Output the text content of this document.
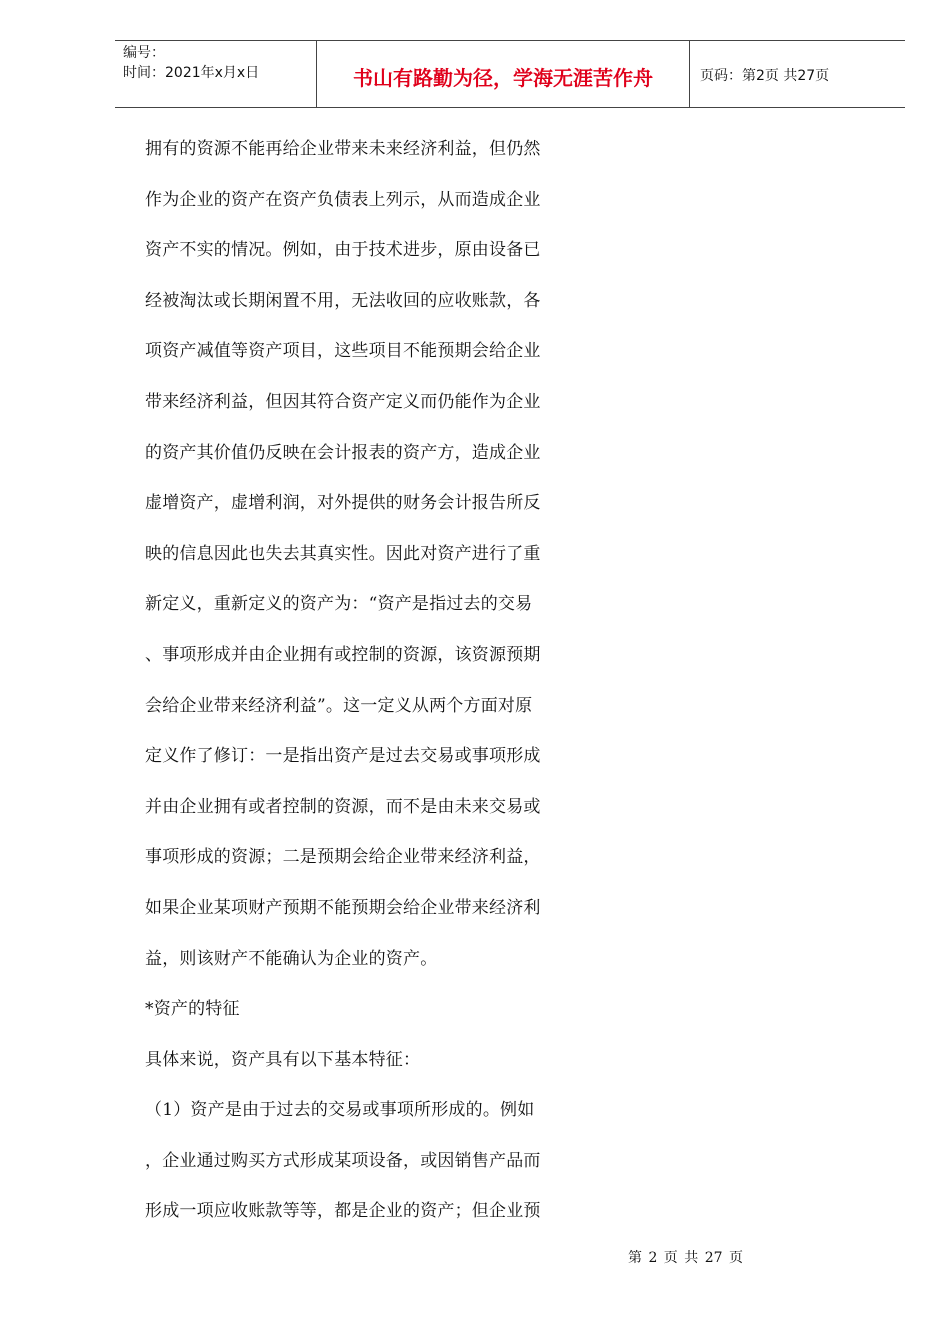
编号：
时间：2021年x月x日	书山有路勤为径，学海无涯苦作舟	页码：第2页 共27页
拥有的资源不能再给企业带来未来经济利益，但仍然
作为企业的资产在资产负债表上列示，从而造成企业
资产不实的情况。例如，由于技术进步，原由设备已
经被淘汰或长期闲置不用，无法收回的应收账款，各
项资产减值等资产项目，这些项目不能预期会给企业
带来经济利益，但因其符合资产定义而仍能作为企业
的资产其价值仍反映在会计报表的资产方，造成企业
虚增资产，虚增利润，对外提供的财务会计报告所反
映的信息因此也失去其真实性。因此对资产进行了重
新定义，重新定义的资产为：“资产是指过去的交易
、事项形成并由企业拥有或控制的资源，该资源预期
会给企业带来经济利益”。这一定义从两个方面对原
定义作了修订：一是指出资产是过去交易或事项形成
并由企业拥有或者控制的资源，而不是由未来交易或
事项形成的资源；二是预期会给企业带来经济利益，
如果企业某项财产预期不能预期会给企业带来经济利
益，则该财产不能确认为企业的资产。
*资产的特征
具体来说，资产具有以下基本特征：
（1）资产是由于过去的交易或事项所形成的。例如
，企业通过购买方式形成某项设备，或因销售产品而
形成一项应收账款等等，都是企业的资产；但企业预
第 2 页 共 27 页
